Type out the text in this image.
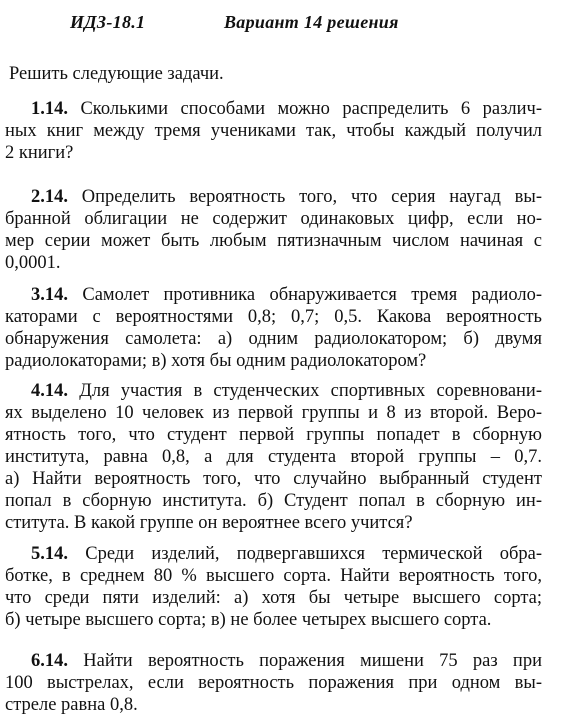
ИДЗ-18.1	Вариант 14 решения
Решить следующие задачи.
1.14. Сколькими способами можно распределить 6 различ-
ных книг между тремя учениками так, чтобы каждый получил
2 книги?
2.14. Определить вероятность того, что серия наугад вы-
бранной облигации не содержит одинаковых цифр, если но-
мер серии может быть любым пятизначным числом начиная с
0,0001.
3.14. Самолет противника обнаруживается тремя радиоло-
каторами с вероятностями 0,8; 0,7; 0,5. Какова вероятность
обнаружения самолета: а) одним радиолокатором; б) двумя
радиолокаторами; в) хотя бы одним радиолокатором?
4.14. Для участия в студенческих спортивных соревновани-
ях выделено 10 человек из первой группы и 8 из второй. Веро-
ятность того, что студент первой группы попадет в сборную
института, равна 0,8, а для студента второй группы – 0,7.
а) Найти вероятность того, что случайно выбранный студент
попал в сборную института. б) Студент попал в сборную ин-
ститута. В какой группе он вероятнее всего учится?
5.14. Среди изделий, подвергавшихся термической обра-
ботке, в среднем 80 % высшего сорта. Найти вероятность того,
что среди пяти изделий: а) хотя бы четыре высшего сорта;
б) четыре высшего сорта; в) не более четырех высшего сорта.
6.14. Найти вероятность поражения мишени 75 раз при
100 выстрелах, если вероятность поражения при одном вы-
стреле равна 0,8.
